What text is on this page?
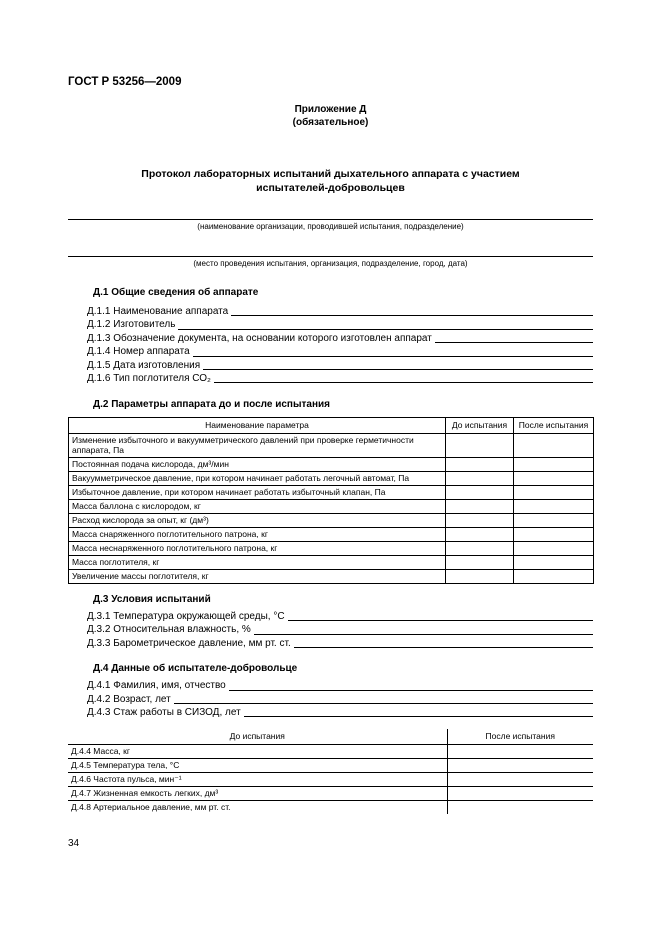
ГОСТ Р 53256—2009
Приложение Д
(обязательное)
Протокол лабораторных испытаний дыхательного аппарата с участием
испытателей-добровольцев
(наименование организации, проводившей испытания, подразделение)
(место проведения испытания, организация, подразделение, город, дата)
Д.1 Общие сведения об аппарате
Д.1.1 Наименование аппарата
Д.1.2 Изготовитель
Д.1.3 Обозначение документа, на основании которого изготовлен аппарат
Д.1.4 Номер аппарата
Д.1.5 Дата изготовления
Д.1.6 Тип поглотителя СО₂
Д.2 Параметры аппарата до и после испытания
Наименование параметра	До испытания	После испытания
Изменение избыточного и вакуумметрического давлений при проверке герметичности аппарата, Па		
Постоянная подача кислорода, дм³/мин		
Вакуумметрическое давление, при котором начинает работать легочный автомат, Па		
Избыточное давление, при котором начинает работать избыточный клапан, Па		
Масса баллона с кислородом, кг		
Расход кислорода за опыт, кг (дм³)		
Масса снаряженного поглотительного патрона, кг		
Масса неснаряженного поглотительного патрона, кг		
Масса поглотителя, кг		
Увеличение массы поглотителя, кг		
Д.3 Условия испытаний
Д.3.1 Температура окружающей среды, °С
Д.3.2 Относительная влажность, %
Д.3.3 Барометрическое давление, мм рт. ст.
Д.4 Данные об испытателе-добровольце
Д.4.1 Фамилия, имя, отчество
Д.4.2 Возраст, лет
Д.4.3 Стаж работы в СИЗОД, лет
До испытания	После испытания
Д.4.4 Масса, кг	
Д.4.5 Температура тела, °С	
Д.4.6 Частота пульса, мин⁻¹	
Д.4.7 Жизненная емкость легких, дм³	
Д.4.8 Артериальное давление, мм рт. ст.	
34
